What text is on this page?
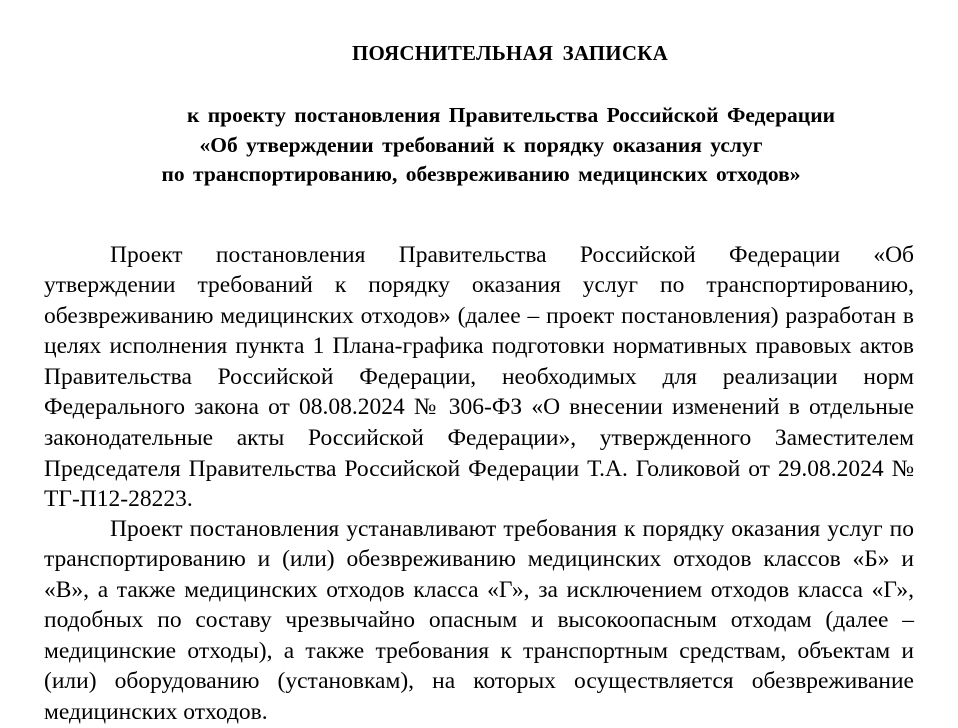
ПОЯСНИТЕЛЬНАЯ ЗАПИСКА
к проекту постановления Правительства Российской Федерации
«Об утверждении требований к порядку оказания услуг
по транспортированию, обезвреживанию медицинских отходов»

Проект постановления Правительства Российской Федерации «Об утверждении требований к порядку оказания услуг по транспортированию, обезвреживанию медицинских отходов» (далее – проект постановления) разработан в целях исполнения пункта 1 Плана-графика подготовки нормативных правовых актов Правительства Российской Федерации, необходимых для реализации норм Федерального закона от 08.08.2024 № 306-ФЗ «О внесении изменений в отдельные законодательные акты Российской Федерации», утвержденного Заместителем Председателя Правительства Российской Федерации Т.А. Голиковой от 29.08.2024 № ТГ-П12-28223.

Проект постановления устанавливают требования к порядку оказания услуг по транспортированию и (или) обезвреживанию медицинских отходов классов «Б» и «В», а также медицинских отходов класса «Г», за исключением отходов класса «Г», подобных по составу чрезвычайно опасным и высокоопасным отходам (далее – медицинские отходы), а также требования к транспортным средствам, объектам и (или) оборудованию (установкам), на которых осуществляется обезвреживание медицинских отходов.
